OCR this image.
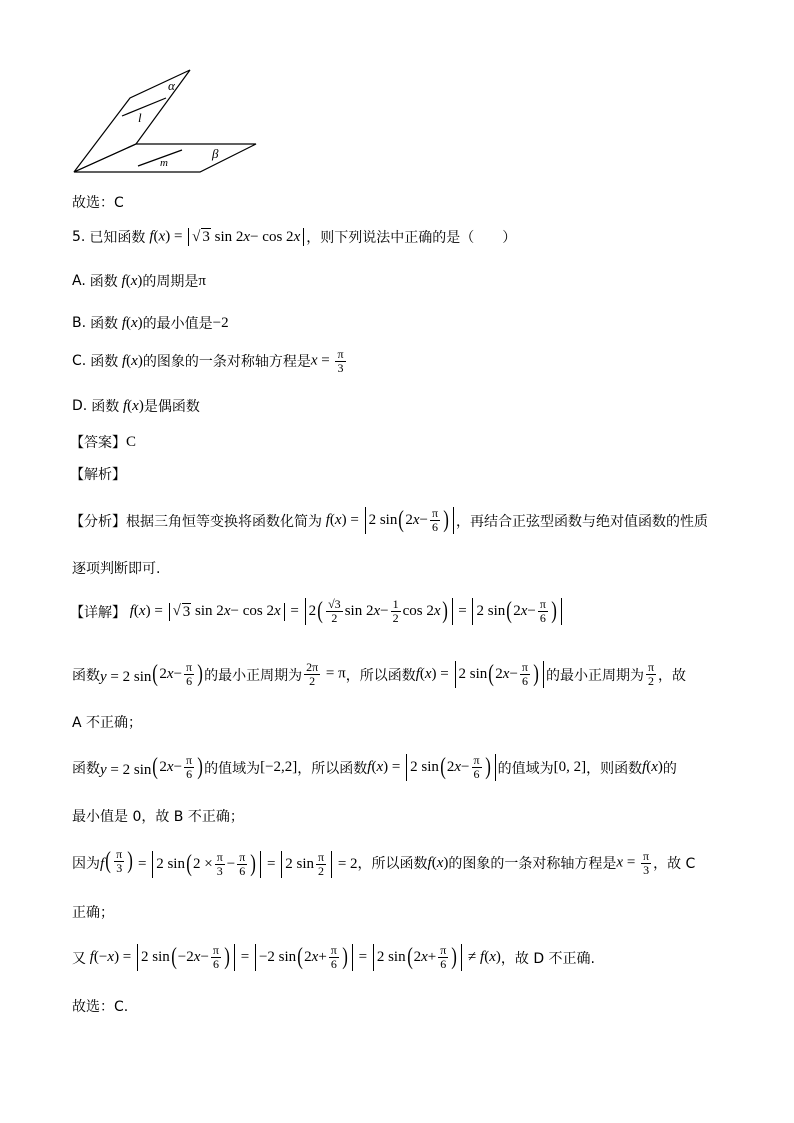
α
l
β
m
故选：C
5. 已知函数 f(x) = √ 3 sin 2 x − cos 2 x ，则下列说法中正确的是（　　）
A. 函数 f(x) 的周期是 π
B. 函数 f(x) 的最小值是 −2
C. 函数 f(x) 的图象的一条对称轴方程是 $x = \frac{\pi}{3}$
D. 函数 f(x) 是偶函数
【答案】 C
【解析】
【分析】 根据三角恒等变换将函数化简为 f(x) = 2 sin ( 2 $x - \frac{\pi}{6}$
) ，再结合正弦型函数与绝对值函数的性质
逐项判断即可.
【详解】 f(x) = √ 3 sin 2 x − cos 2 x = 2 ( $\frac{√3}{2}$ sin 2 $x - \frac{1}{2}$ cos 2 x
) = 2 sin ( 2 $x - \frac{\pi}{6}$
)
函数 y = 2 sin ( 2 $x - \frac{\pi}{6}$
) 的最小正周期为 $\frac{2\pi}{2} = \pi$ ，所以函数 f(x) = 2 sin ( 2 $x - \frac{\pi}{6}$
) 的最小正周期为 $\frac{\pi}{2}$ ，故
A 不正确；
函数 y = 2 sin ( 2 $x - \frac{\pi}{6}$
) 的值域为 [−2,2] ，所以函数 f(x) = 2 sin ( 2 $x - \frac{\pi}{6}$
) 的值域为 [0, 2] ，则函数 f(x) 的
最小值是 0，故 B 不正确；
因为 f ( $\frac{\pi}{3}$
) = 2 sin ( $2 \times \frac{\pi}{3} - \frac{\pi}{6}$
) = 2 $\sin \frac{\pi}{2} = 2$ ，所以函数 f(x) 的图象的一条对称轴方程是 $x = \frac{\pi}{3}$ ，故 C
正确；
又 f(−x) = 2 sin ( −2 $x - \frac{\pi}{6}$
) = −2 sin ( 2 $x + \frac{\pi}{6}$
) = 2 sin ( 2 $x + \frac{\pi}{6}$
) ≠ f(x) ，故 D 不正确.
故选：C.
